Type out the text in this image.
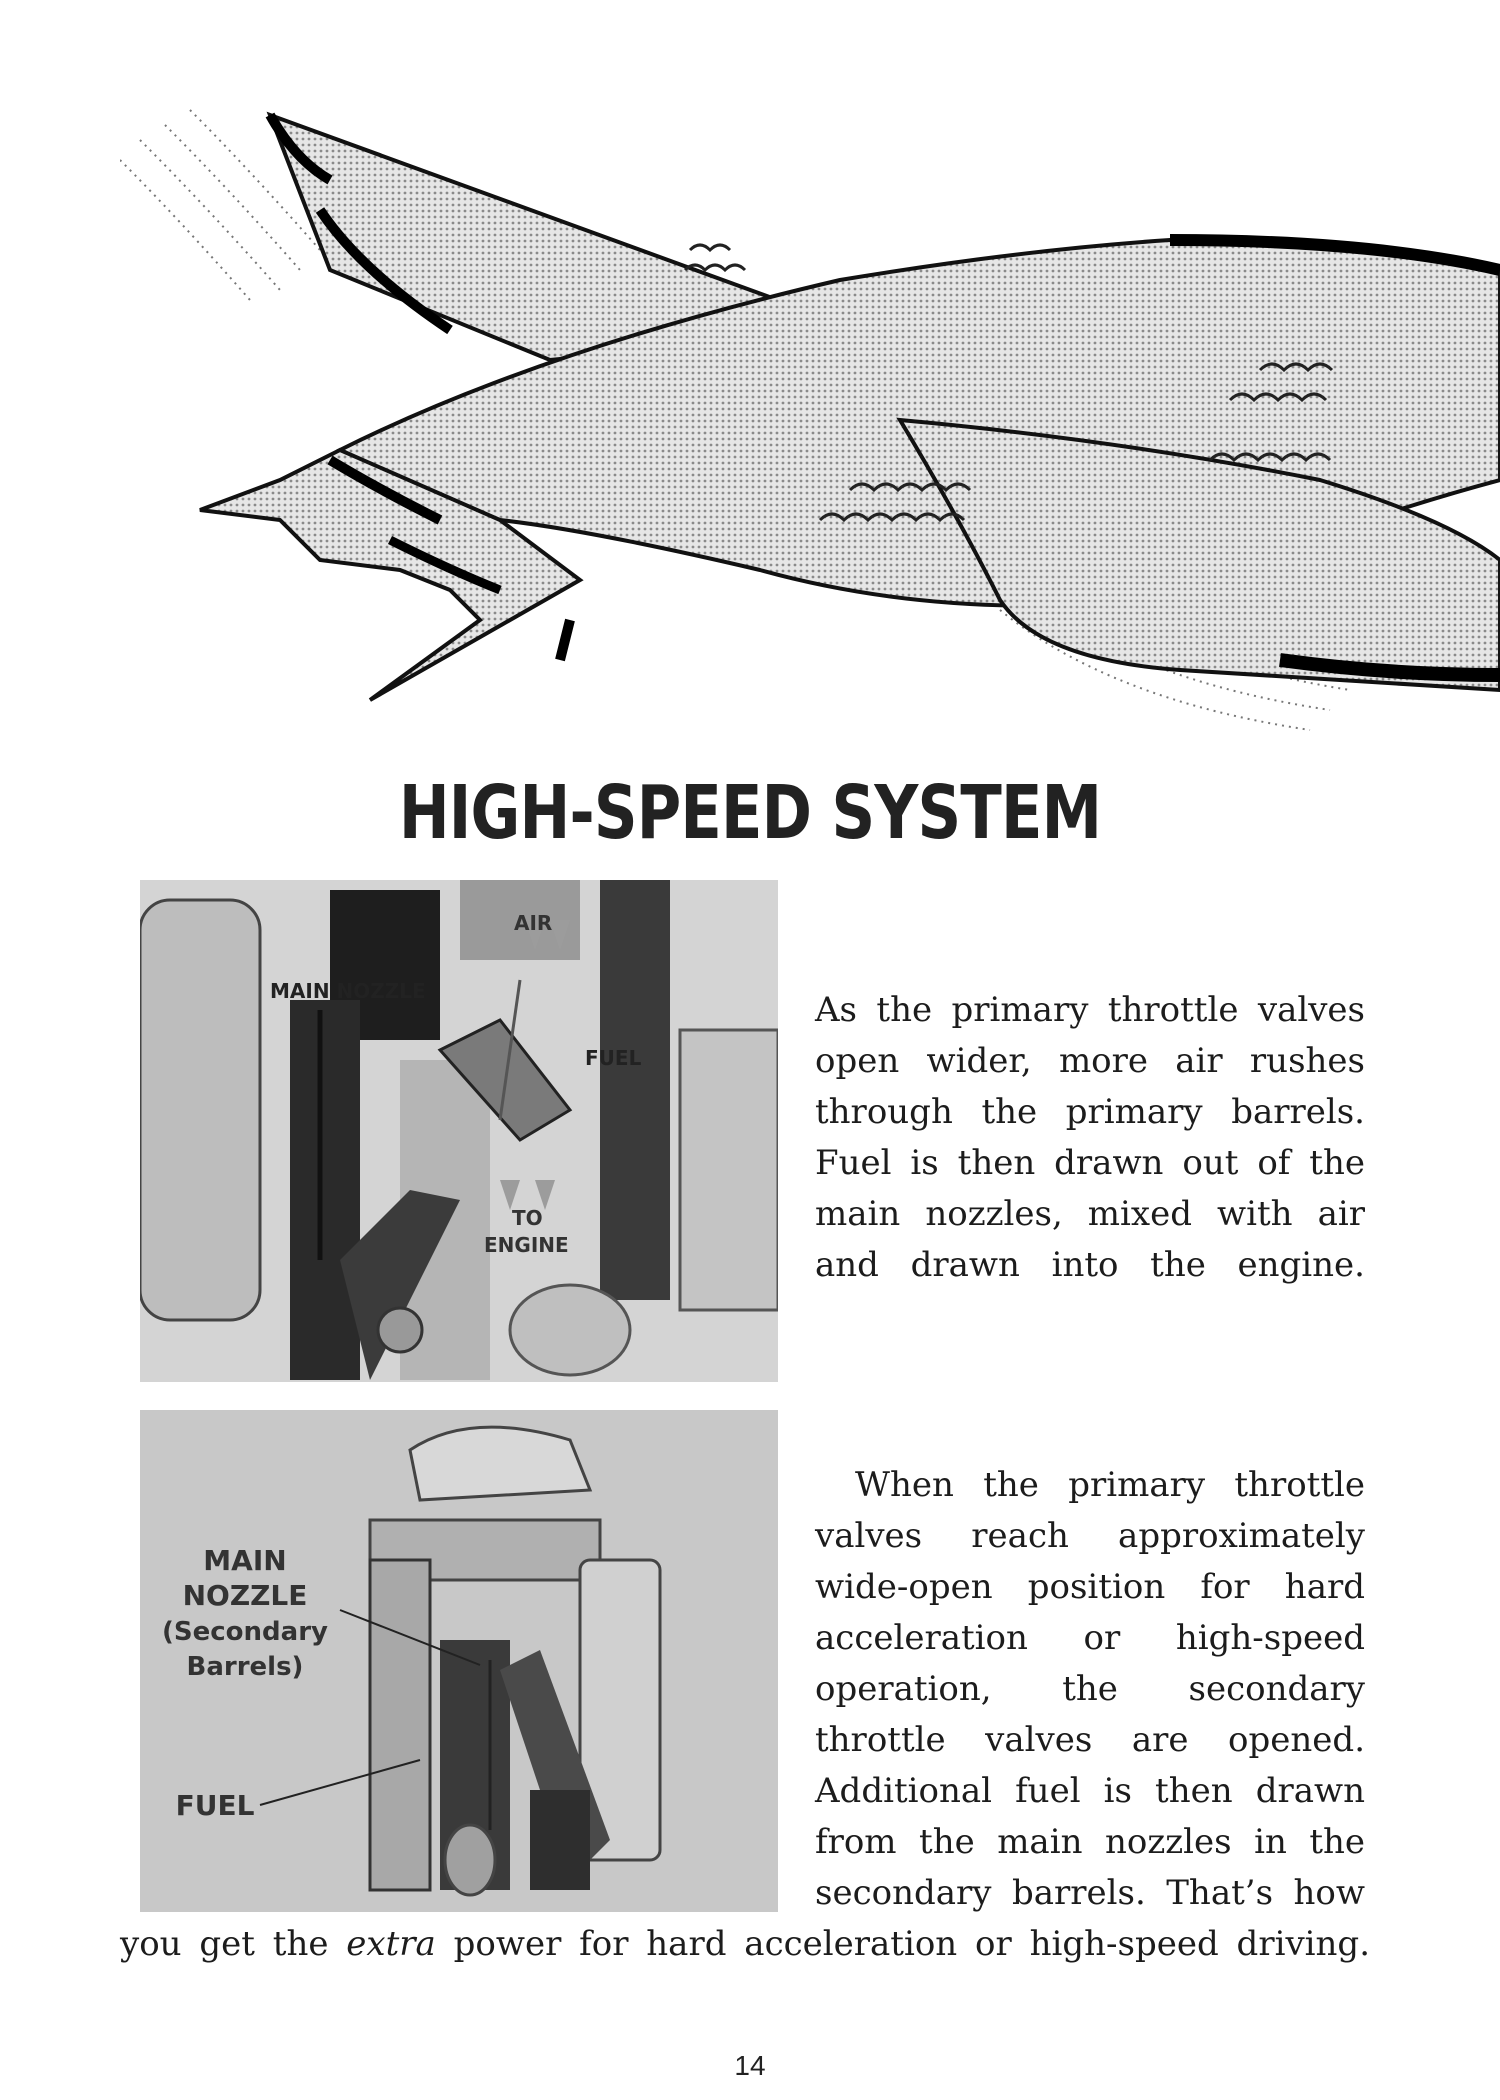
HIGH-SPEED SYSTEM
AIR
MAIN NOZZLE
FUEL
TO
ENGINE
MAIN
NOZZLE
(Secondary
Barrels)
FUEL
As the primary throttle valves
open wider, more air rushes
through the primary barrels.
Fuel is then drawn out of the
main nozzles, mixed with air
and drawn into the engine.
When the primary throttle
valves reach approximately
wide-open position for hard
acceleration or high-speed
operation, the secondary
throttle valves are opened.
Additional fuel is then drawn
from the main nozzles in the
secondary barrels. That’s how
you get the extra power for hard acceleration or high-speed driving.
14
